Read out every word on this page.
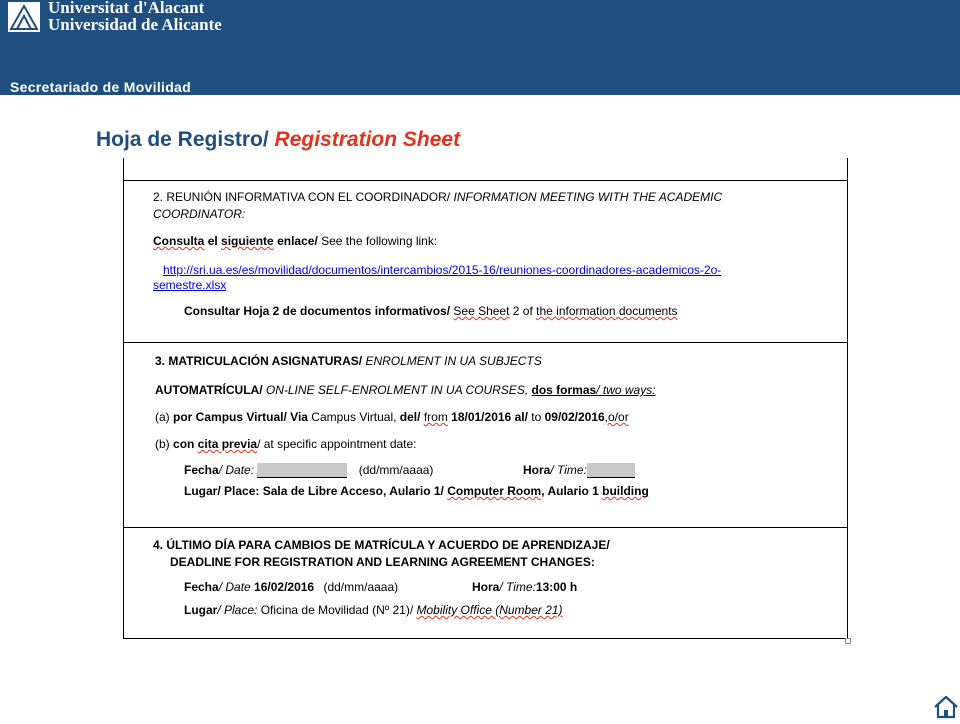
Universitat d'Alacant
Universidad de Alicante
Secretariado de Movilidad
Hoja de Registro/ Registration Sheet
2. REUNIÓN INFORMATIVA CON EL COORDINADOR/ INFORMATION MEETING WITH THE ACADEMIC
COORDINATOR:
Consulta el siguiente enlace/ See the following link:
http://sri.ua.es/es/movilidad/documentos/intercambios/2015-16/reuniones-coordinadores-academicos-2o-
semestre.xlsx
Consultar Hoja 2 de documentos informativos/ See Sheet 2 of the information documents
3. MATRICULACIÓN ASIGNATURAS/ ENROLMENT IN UA SUBJECTS
AUTOMATRÍCULA/ ON-LINE SELF-ENROLMENT IN UA COURSES, dos formas/ two ways:
(a) por Campus Virtual/ Via Campus Virtual, del/ from 18/01/2016 al/ to 09/02/2016,o/or
(b) con cita previa/ at specific appointment date:
Fecha/ Date:	(dd/mm/aaaa)	Hora/ Time:
Lugar/ Place: Sala de Libre Acceso, Aulario 1/ Computer Room, Aulario 1 building
4. ÚLTIMO DÍA PARA CAMBIOS DE MATRÍCULA Y ACUERDO DE APRENDIZAJE/
DEADLINE FOR REGISTRATION AND LEARNING AGREEMENT CHANGES:
Fecha/ Date 16/02/2016 (dd/mm/aaaa)	Hora/ Time:13:00 h
Lugar/ Place: Oficina de Movilidad (Nº 21)/ Mobility Office (Number 21)
